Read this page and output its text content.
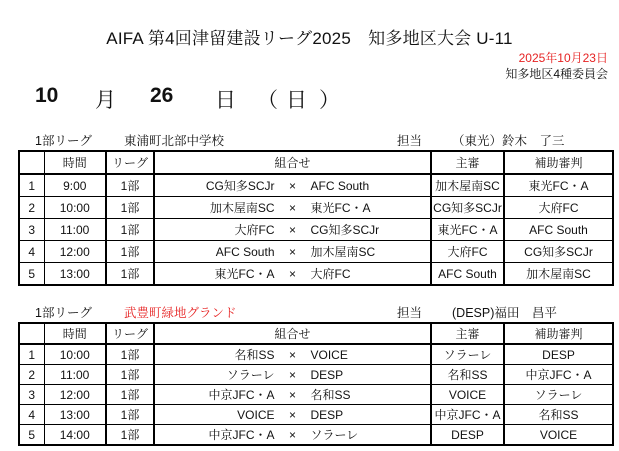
AIFA 第4回津留建設リーグ2025　知多地区大会 U-11
2025年10月23日
知多地区4種委員会
10 月 26 日 （ 日 ）
1部リーグ	東浦町北部中学校	担当 （東光）鈴木　了三
	時間	リーグ	組合せ	主審	補助審判
1	9:00	1部	CG知多SCJr × AFC South	加木屋南SC	東光FC・A
2	10:00	1部	加木屋南SC × 東光FC・A	CG知多SCJr	大府FC
3	11:00	1部	大府FC × CG知多SCJr	東光FC・A	AFC South
4	12:00	1部	AFC South × 加木屋南SC	大府FC	CG知多SCJr
5	13:00	1部	東光FC・A × 大府FC	AFC South	加木屋南SC
1部リーグ	武豊町緑地グランド	担当 (DESP)福田　昌平
	時間	リーグ	組合せ	主審	補助審判
1	10:00	1部	名和SS × VOICE	ソラーレ	DESP
2	11:00	1部	ソラーレ × DESP	名和SS	中京JFC・A
3	12:00	1部	中京JFC・A × 名和SS	VOICE	ソラーレ
4	13:00	1部	VOICE × DESP	中京JFC・A	名和SS
5	14:00	1部	中京JFC・A × ソラーレ	DESP	VOICE
